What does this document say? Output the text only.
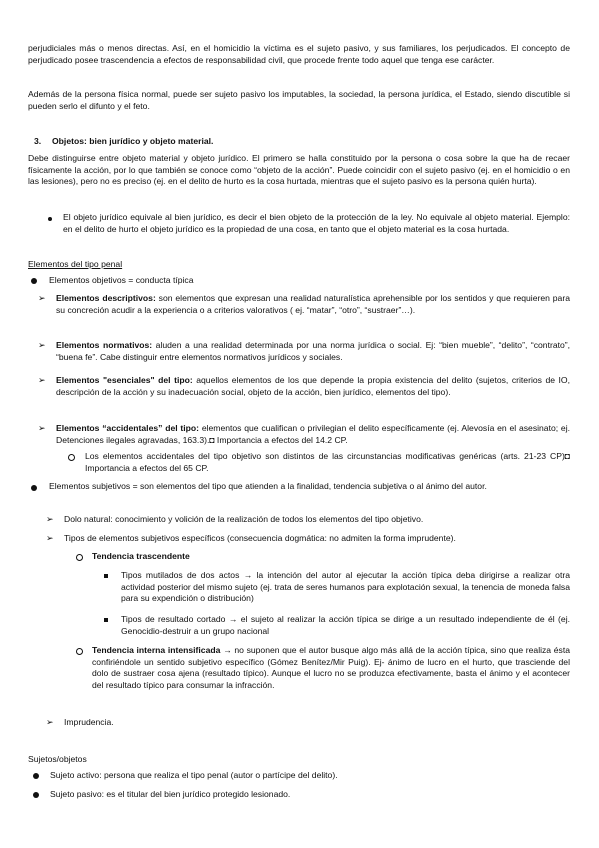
perjudiciales más o menos directas. Así, en el homicidio la víctima es el sujeto pasivo, y sus familiares, los perjudicados. El concepto de perjudicado posee trascendencia a efectos de responsabilidad civil, que procede frente todo aquel que tenga ese carácter.

Además de la persona física normal, puede ser sujeto pasivo los imputables, la sociedad, la persona jurídica, el Estado, siendo discutible si pueden serlo el difunto y el feto.

3. Objetos: bien jurídico y objeto material.

Debe distinguirse entre objeto material y objeto jurídico. El primero se halla constituido por la persona o cosa sobre la que ha de recaer físicamente la acción, por lo que también se conoce como “objeto de la acción”. Puede coincidir con el sujeto pasivo (ej. en el homicidio o en las lesiones), pero no es preciso (ej. en el delito de hurto es la cosa hurtada, mientras que el sujeto pasivo es la persona quién hurta).

El objeto jurídico equivale al bien jurídico, es decir el bien objeto de la protección de la ley. No equivale al objeto material. Ejemplo: en el delito de hurto el objeto jurídico es la propiedad de una cosa, en tanto que el objeto material es la cosa hurtada.

Elementos del tipo penal

Elementos objetivos = conducta típica

➢ Elementos descriptivos: son elementos que expresan una realidad naturalística aprehensible por los sentidos y que requieren para su concreción acudir a la experiencia o a criterios valorativos ( ej. “matar”, “otro”, “sustraer”…).

➢ Elementos normativos: aluden a una realidad determinada por una norma jurídica o social. Ej: “bien mueble”, “delito”, “contrato”, “buena fe”. Cabe distinguir entre elementos normativos jurídicos y sociales.

➢ Elementos "esenciales" del tipo: aquellos elementos de los que depende la propia existencia del delito (sujetos, criterios de IO, descripción de la acción y su inadecuación social, objeto de la acción, bien jurídico, elementos del tipo).

➢ Elementos “accidentales” del tipo: elementos que cualifican o privilegian el delito específicamente (ej. Alevosía en el asesinato; ej. Detenciones ilegales agravadas, 163.3).◘ Importancia a efectos del 14.2 CP.

Los elementos accidentales del tipo objetivo son distintos de las circunstancias modificativas genéricas (arts. 21-23 CP)◘ Importancia a efectos del 65 CP.

Elementos subjetivos = son elementos del tipo que atienden a la finalidad, tendencia subjetiva o al ánimo del autor.

➢ Dolo natural: conocimiento y volición de la realización de todos los elementos del tipo objetivo.

➢ Tipos de elementos subjetivos específicos (consecuencia dogmática: no admiten la forma imprudente).

Tendencia trascendente

Tipos mutilados de dos actos → la intención del autor al ejecutar la acción típica deba dirigirse a realizar otra actividad posterior del mismo sujeto (ej. trata de seres humanos para explotación sexual, la tenencia de moneda falsa para su expendición o distribución)

Tipos de resultado cortado → el sujeto al realizar la acción típica se dirige a un resultado independiente de él (ej. Genocidio-destruir a un grupo nacional

Tendencia interna intensificada → no suponen que el autor busque algo más allá de la acción típica, sino que realiza ésta confiriéndole un sentido subjetivo específico (Gómez Benítez/Mir Puig). Ej- ánimo de lucro en el hurto, que trasciende del dolo de sustraer cosa ajena (resultado típico). Aunque el lucro no se produzca efectivamente, basta el ánimo y el acontecer del resultado típico para consumar la infracción.

➢ Imprudencia.

Sujetos/objetos

Sujeto activo: persona que realiza el tipo penal (autor o partícipe del delito).

Sujeto pasivo: es el titular del bien jurídico protegido lesionado.
